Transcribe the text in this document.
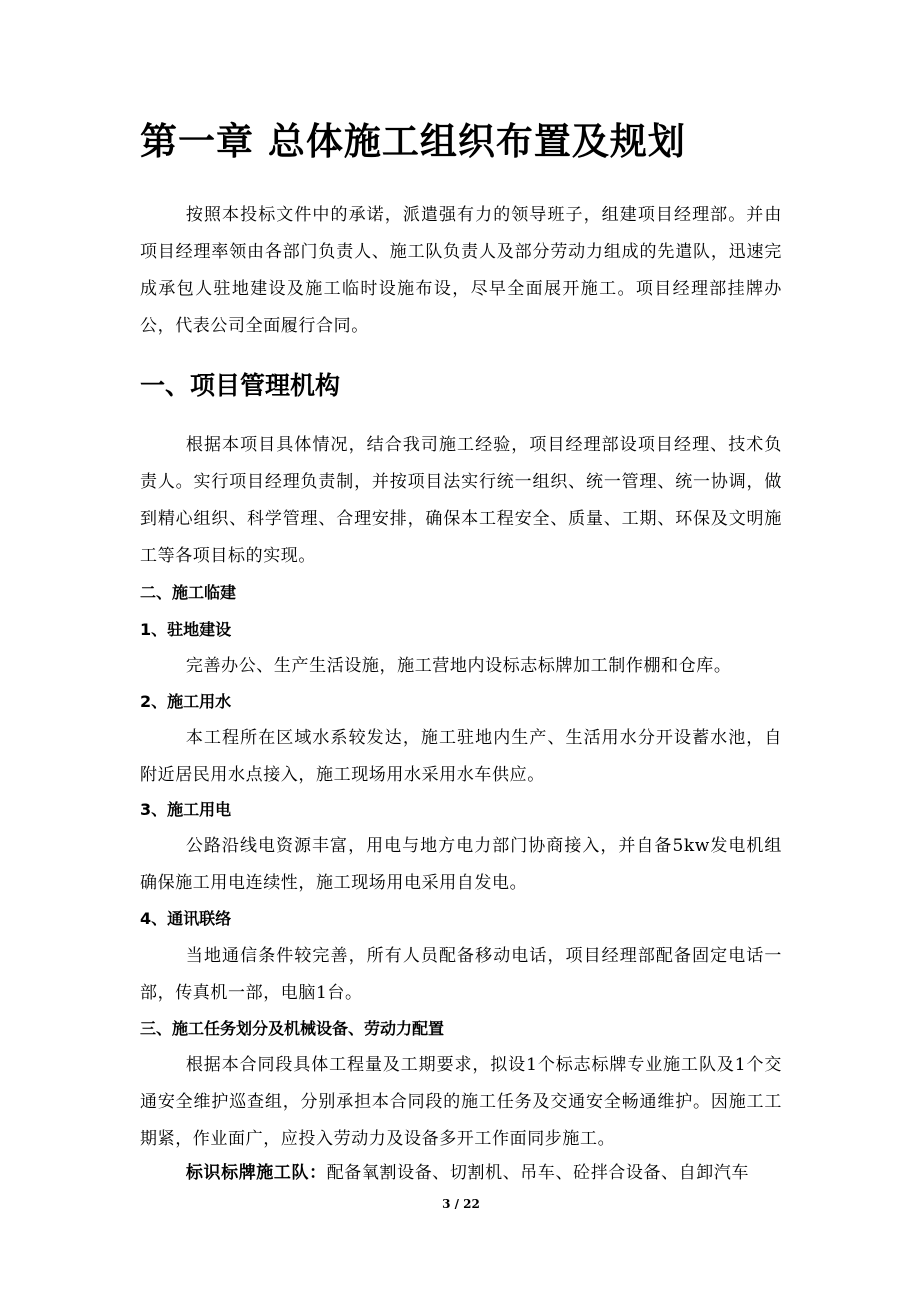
第一章 总体施工组织布置及规划

按照本投标文件中的承诺，派遣强有力的领导班子，组建项目经理部。并由项目经理率领由各部门负责人、施工队负责人及部分劳动力组成的先遣队，迅速完成承包人驻地建设及施工临时设施布设，尽早全面展开施工。项目经理部挂牌办公，代表公司全面履行合同。

一、项目管理机构

根据本项目具体情况，结合我司施工经验，项目经理部设项目经理、技术负责人。实行项目经理负责制，并按项目法实行统一组织、统一管理、统一协调，做到精心组织、科学管理、合理安排，确保本工程安全、质量、工期、环保及文明施工等各项目标的实现。

二、施工临建
1、驻地建设

完善办公、生产生活设施，施工营地内设标志标牌加工制作棚和仓库。

2、施工用水

本工程所在区域水系较发达，施工驻地内生产、生活用水分开设蓄水池，自附近居民用水点接入，施工现场用水采用水车供应。

3、施工用电

公路沿线电资源丰富，用电与地方电力部门协商接入，并自备5kw发电机组确保施工用电连续性，施工现场用电采用自发电。

4、通讯联络

当地通信条件较完善，所有人员配备移动电话，项目经理部配备固定电话一部，传真机一部，电脑1台。

三、施工任务划分及机械设备、劳动力配置

根据本合同段具体工程量及工期要求，拟设1个标志标牌专业施工队及1个交通安全维护巡查组，分别承担本合同段的施工任务及交通安全畅通维护。因施工工期紧，作业面广，应投入劳动力及设备多开工作面同步施工。

标识标牌施工队：配备氧割设备、切割机、吊车、砼拌合设备、自卸汽车

3 / 22
